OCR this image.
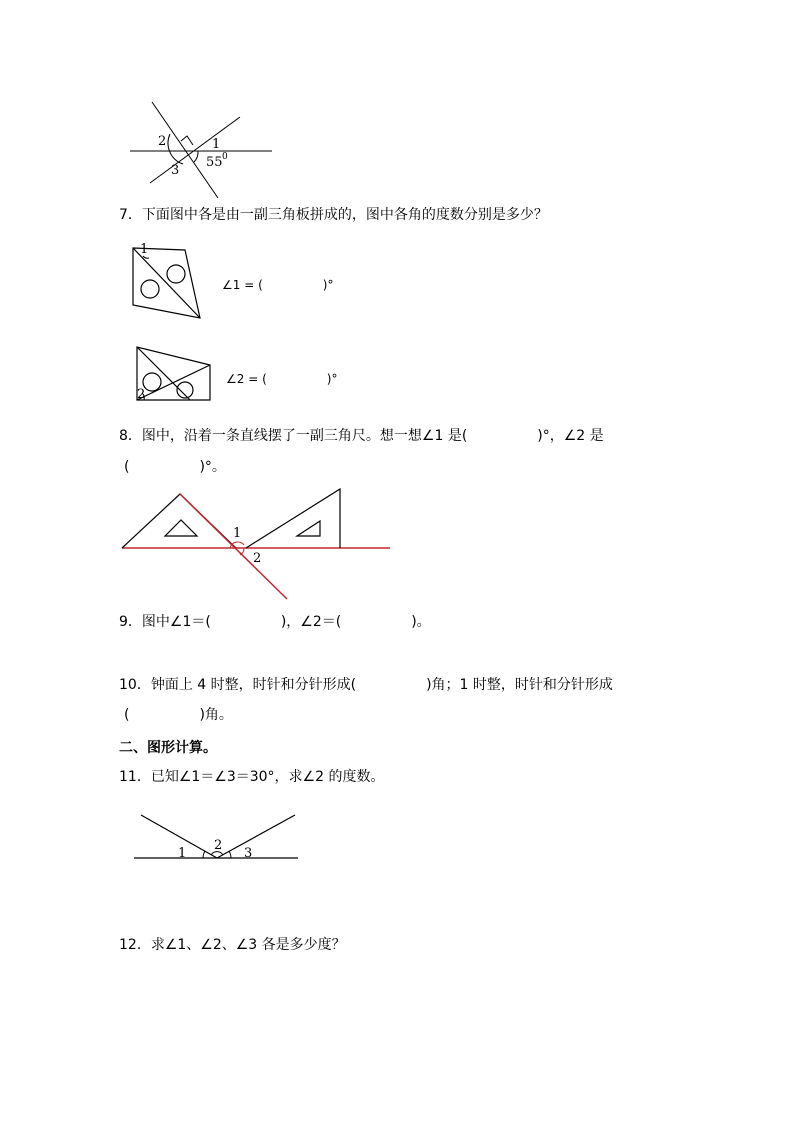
2	1
3
55 0
7．下面图中各是由一副三角板拼成的，图中各角的度数分别是多少？
1
∠1 = (　　　　　)°
2
∠2 = (　　　　　)°
8．图中，沿着一条直线摆了一副三角尺。想一想∠1 是(　　　　　)°，∠2 是
(　　　　　)°。
1
2
9．图中∠1＝(　　　　　)，∠2＝(　　　　　)。
10．钟面上 4 时整，时针和分针形成(　　　　　)角；1 时整，时针和分针形成
(　　　　　)角。
二、图形计算。
11．已知∠1＝∠3＝30°，求∠2 的度数。
1
2
3
12．求∠1、∠2、∠3 各是多少度？
